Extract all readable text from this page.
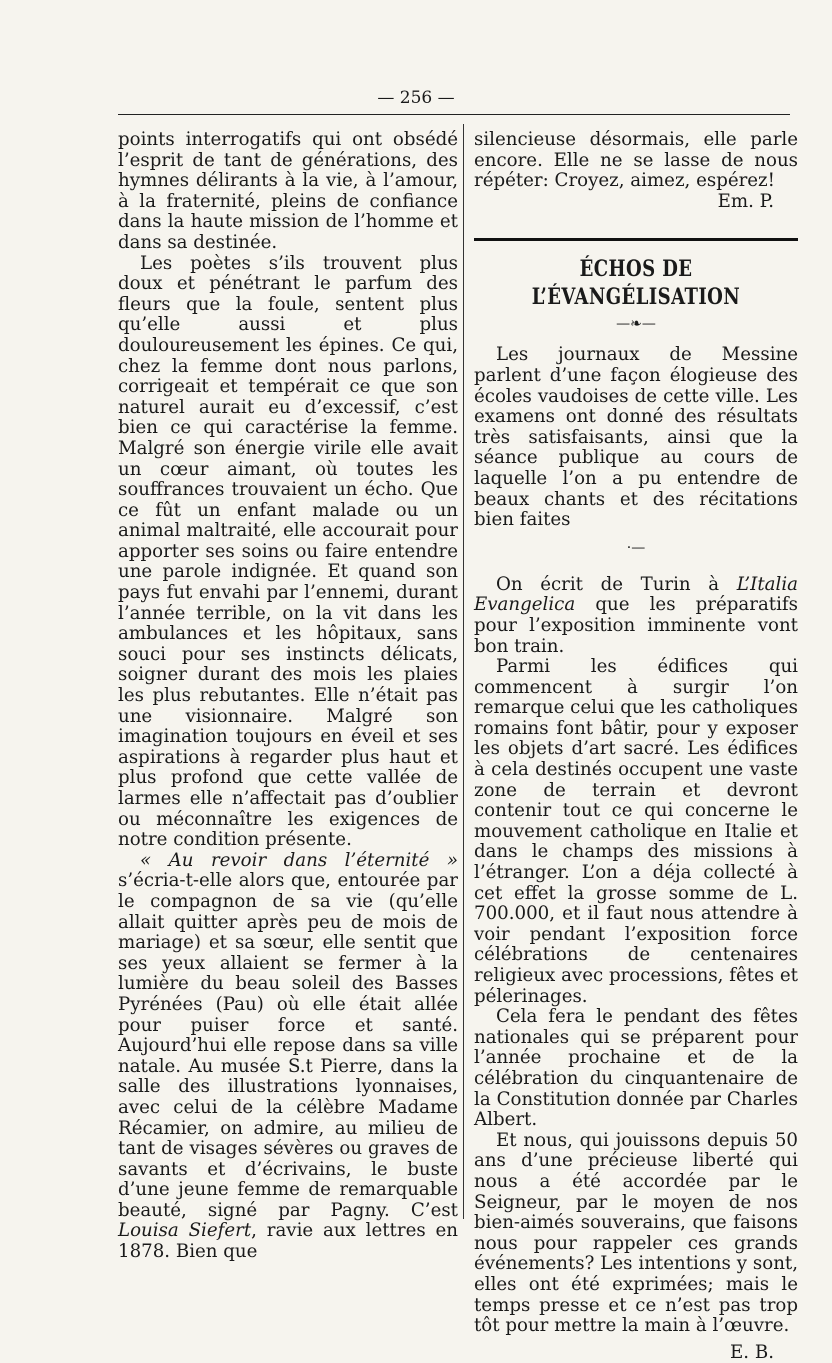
— 256 —

points interrogatifs qui ont obsédé l’esprit de tant de générations, des hymnes délirants à la vie, à l’amour, à la fraternité, pleins de confiance dans la haute mission de l’homme et dans sa destinée.

Les poètes s’ils trouvent plus doux et pénétrant le parfum des fleurs que la foule, sentent plus qu’elle aussi et plus douloureusement les épines. Ce qui, chez la femme dont nous parlons, corrigeait et tempérait ce que son naturel aurait eu d’excessif, c’est bien ce qui caractérise la femme. Malgré son énergie virile elle avait un cœur aimant, où toutes les souffrances trouvaient un écho. Que ce fût un enfant malade ou un animal maltraité, elle accourait pour apporter ses soins ou faire entendre une parole indignée. Et quand son pays fut envahi par l’ennemi, durant l’année terrible, on la vit dans les ambulances et les hôpitaux, sans souci pour ses instincts délicats, soigner durant des mois les plaies les plus rebutantes. Elle n’était pas une visionnaire. Malgré son imagination toujours en éveil et ses aspirations à regarder plus haut et plus profond que cette vallée de larmes elle n’affectait pas d’oublier ou méconnaître les exigences de notre condition présente.

« Au revoir dans l’éternité » s’écria-t-elle alors que, entourée par le compagnon de sa vie (qu’elle allait quitter après peu de mois de mariage) et sa sœur, elle sentit que ses yeux allaient se fermer à la lumière du beau soleil des Basses Pyrénées (Pau) où elle était allée pour puiser force et santé. Aujourd’hui elle repose dans sa ville natale. Au musée S.t Pierre, dans la salle des illustrations lyonnaises, avec celui de la célèbre Madame Récamier, on admire, au milieu de tant de visages sévères ou graves de savants et d’écrivains, le buste d’une jeune femme de remarquable beauté, signé par Pagny. C’est Louisa Siefert, ravie aux lettres en 1878. Bien que

silencieuse désormais, elle parle encore. Elle ne se lasse de nous répéter: Croyez, aimez, espérez!

Em. P.

ÉCHOS DE L’ÉVANGÉLISATION

—❧—

Les journaux de Messine parlent d’une façon élogieuse des écoles vaudoises de cette ville. Les examens ont donné des résultats très satisfaisants, ainsi que la séance publique au cours de laquelle l’on a pu entendre de beaux chants et des récitations bien faites

·—

On écrit de Turin à L’Italia Evangelica que les préparatifs pour l’exposition imminente vont bon train.

Parmi les édifices qui commencent à surgir l’on remarque celui que les catholiques romains font bâtir, pour y exposer les objets d’art sacré. Les édifices à cela destinés occupent une vaste zone de terrain et devront contenir tout ce qui concerne le mouvement catholique en Italie et dans le champs des missions à l’étranger. L’on a déja collecté à cet effet la grosse somme de L. 700.000, et il faut nous attendre à voir pendant l’exposition force célébrations de centenaires religieux avec processions, fêtes et pélerinages.

Cela fera le pendant des fêtes nationales qui se préparent pour l’année prochaine et de la célébration du cinquantenaire de la Constitution donnée par Charles Albert.

Et nous, qui jouissons depuis 50 ans d’une précieuse liberté qui nous a été accordée par le Seigneur, par le moyen de nos bien-aimés souverains, que faisons nous pour rappeler ces grands événements? Les intentions y sont, elles ont été exprimées; mais le temps presse et ce n’est pas trop tôt pour mettre la main à l’œuvre.

E. B.
